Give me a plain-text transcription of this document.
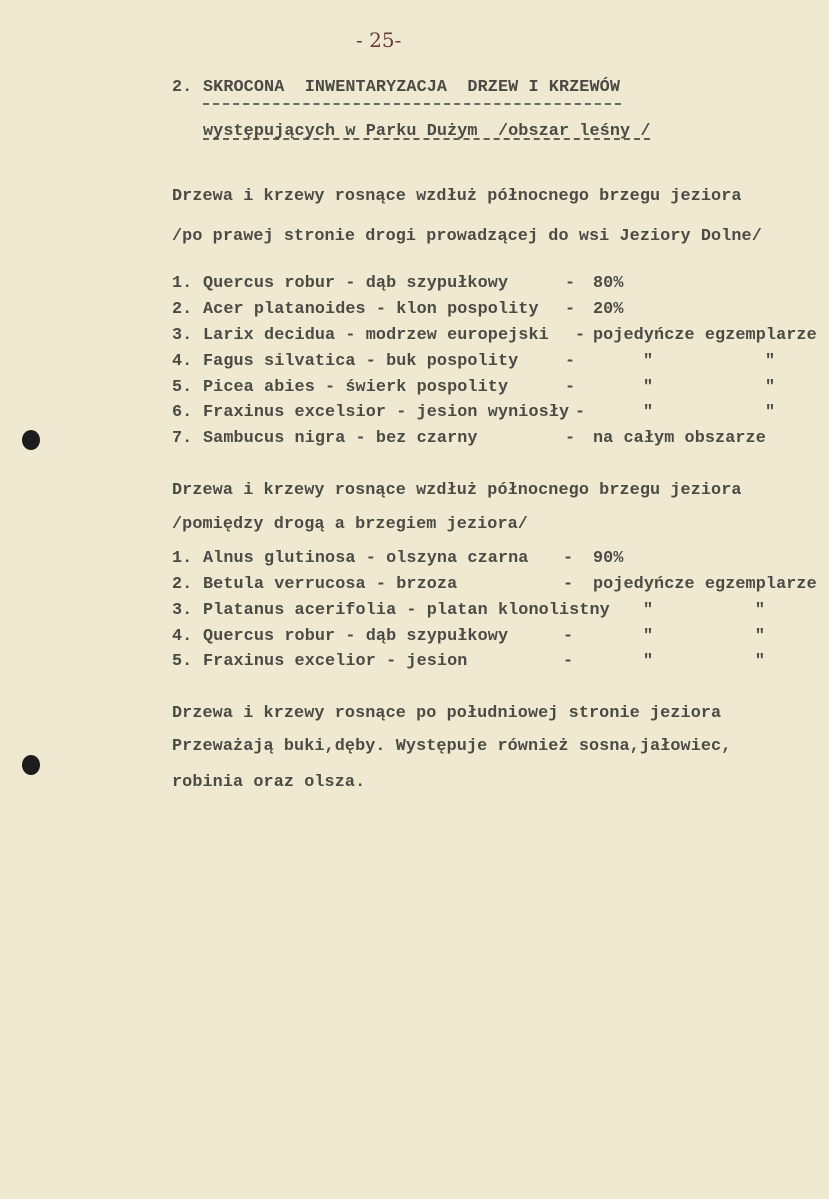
- 25-
2. SKROCONA  INWENTARYZACJA  DRZEW I KRZEWÓW
występujących w Parku Dużym  /obszar leśny /
Drzewa i krzewy rosnące wzdłuż północnego brzegu jeziora
/po prawej stronie drogi prowadzącej do wsi Jeziory Dolne/
1. Quercus robur - dąb szypułkowy	- 80%
2. Acer platanoides - klon pospolity - 20%
3. Larix decidua - modrzew europejski - pojedyńcze egzemplarze
4. Fagus silvatica - buk pospolity	-	"           "
5. Picea abies - świerk pospolity	-	"           "
6. Fraxinus excelsior - jesion wyniosły -	"           "
7. Sambucus nigra - bez czarny	- na całym obszarze
Drzewa i krzewy rosnące wzdłuż północnego brzegu jeziora
/pomiędzy drogą a brzegiem jeziora/
1. Alnus glutinosa - olszyna czarna - 90%
2. Betula verrucosa - brzoza	- pojedyńcze egzemplarze
3. Platanus acerifolia - platan klonolistny "          "
4. Quercus robur - dąb szypułkowy	-	"          "
5. Fraxinus excelior - jesion	-	"          "
Drzewa i krzewy rosnące po południowej stronie jeziora
Przeważają buki,dęby. Występuje również sosna,jałowiec,
robinia oraz olsza.
